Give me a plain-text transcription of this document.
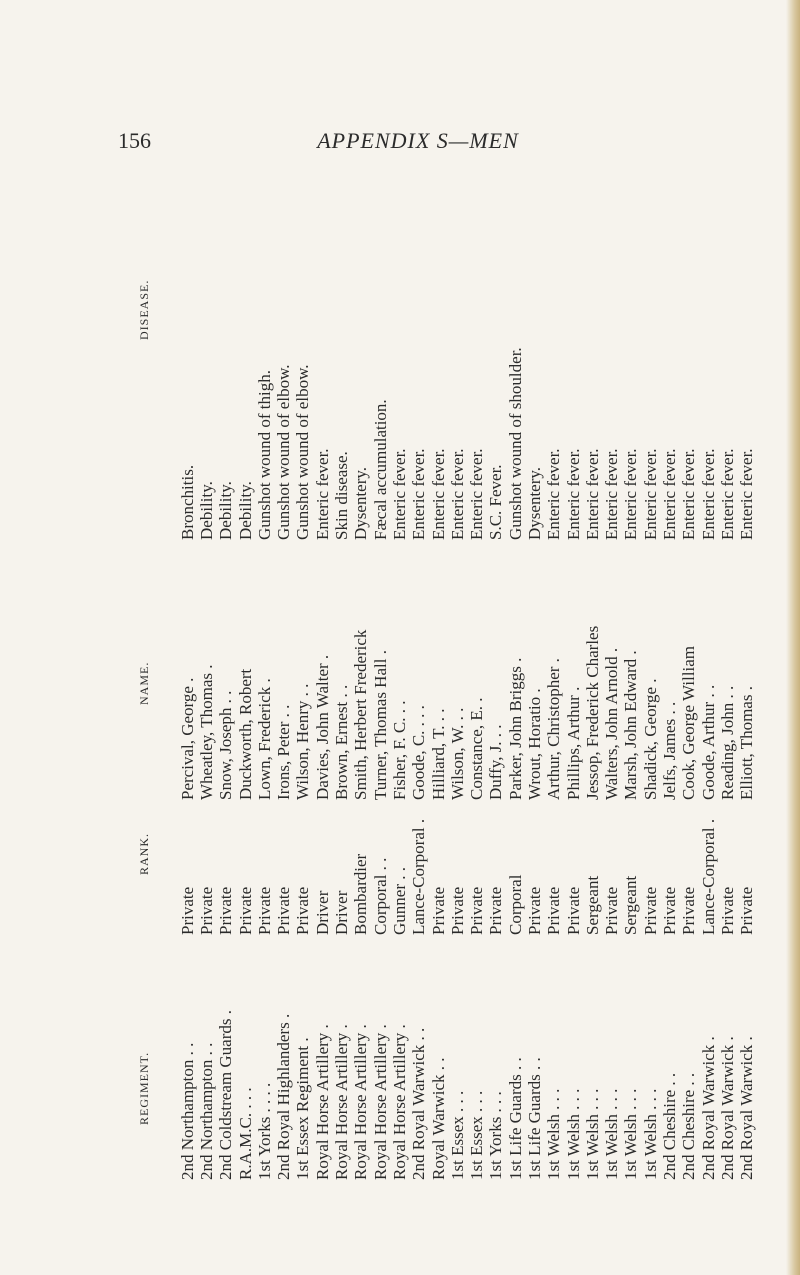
156	APPENDIX S—MEN
REGIMENT.
RANK.
NAME.
DISEASE.
2nd Northampton . .
Private
Percival, George .
Bronchitis.
2nd Northampton . .
Private
Wheatley, Thomas .
Debility.
2nd Coldstream Guards .
Private
Snow, Joseph . .
Debility.
R.A.M.C. . . .
Private
Duckworth, Robert
Debility.
1st Yorks . . . .
Private
Lown, Frederick .
Gunshot wound of thigh.
2nd Royal Highlanders .
Private
Irons, Peter . .
Gunshot wound of elbow.
1st Essex Regiment .
Private
Wilson, Henry . .
Gunshot wound of elbow.
Royal Horse Artillery .
Driver
Davies, John Walter .
Enteric fever.
Royal Horse Artillery .
Driver
Brown, Ernest . .
Skin disease.
Royal Horse Artillery .
Bombardier
Smith, Herbert Frederick
Dysentery.
Royal Horse Artillery .
Corporal . .
Turner, Thomas Hall .
Fæcal accumulation.
Royal Horse Artillery .
Gunner . .
Fisher, F. C. . .
Enteric fever.
2nd Royal Warwick . .
Lance-Corporal .
Goode, C. . . .
Enteric fever.
Royal Warwick . .
Private
Hilliard, T. . .
Enteric fever.
1st Essex . . .
Private
Wilson, W. . .
Enteric fever.
1st Essex . . .
Private
Constance, E. .
Enteric fever.
1st Yorks . . .
Private
Duffy, J. . .
S.C. Fever.
1st Life Guards . .
Corporal
Parker, John Briggs .
Gunshot wound of shoulder.
1st Life Guards . .
Private
Wrout, Horatio .
Dysentery.
1st Welsh . . .
Private
Arthur, Christopher .
Enteric fever.
1st Welsh . . .
Private
Phillips, Arthur .
Enteric fever.
1st Welsh . . .
Sergeant
Jessop, Frederick Charles
Enteric fever.
1st Welsh . . .
Private
Walters, John Arnold .
Enteric fever.
1st Welsh . . .
Sergeant
Marsh, John Edward .
Enteric fever.
1st Welsh . . .
Private
Shadick, George .
Enteric fever.
2nd Cheshire . .
Private
Jelfs, James . .
Enteric fever.
2nd Cheshire . .
Private
Cook, George William
Enteric fever.
2nd Royal Warwick .
Lance-Corporal .
Goode, Arthur . .
Enteric fever.
2nd Royal Warwick .
Private
Reading, John . .
Enteric fever.
2nd Royal Warwick .
Private
Elliott, Thomas .
Enteric fever.
